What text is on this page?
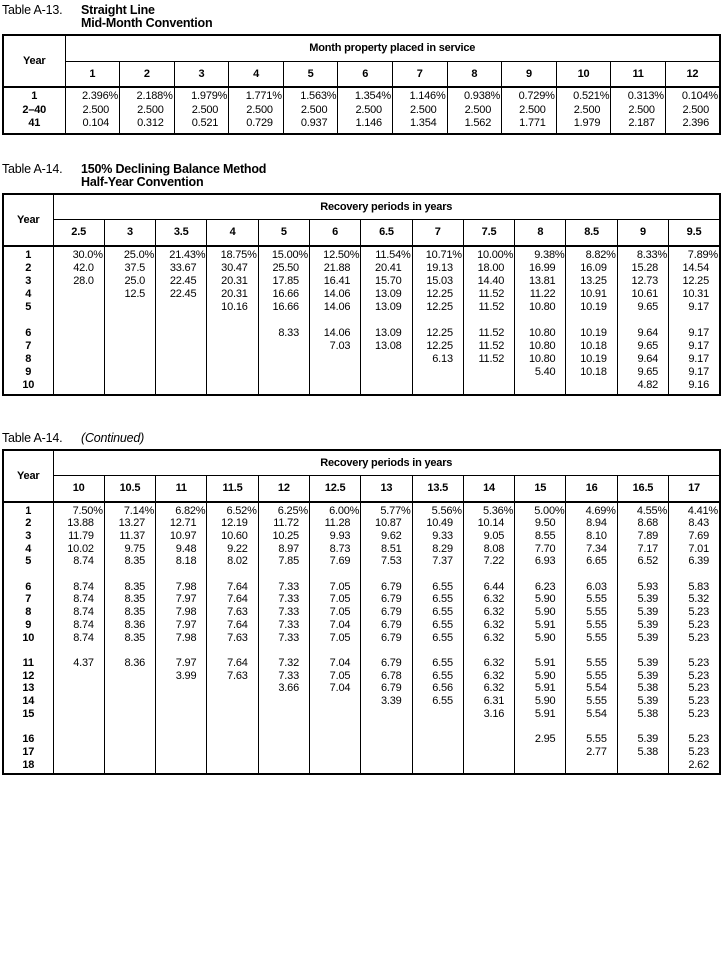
Table A-13.	Straight Line
Mid-Month Convention
Year	Month property placed in service											
	1	2	3	4	5	6	7	8	9	10	11	12

1	2.396%	2.188%	1.979%	1.771%	1.563%	1.354%	1.146%	0.938%	0.729%	0.521%	0.313%	0.104%
2–40	2.500	2.500	2.500	2.500	2.500	2.500	2.500	2.500	2.500	2.500	2.500	2.500
41	0.104	0.312	0.521	0.729	0.937	1.146	1.354	1.562	1.771	1.979	2.187	2.396

Table A-14.	150% Declining Balance Method
Half-Year Convention
Year	Recovery periods in years												
	2.5	3	3.5	4	5	6	6.5	7	7.5	8	8.5	9	9.5

1	30.0%	25.0%	21.43%	18.75%	15.00%	12.50%	11.54%	10.71%	10.00%	9.38%	8.82%	8.33%	7.89%
2	42.0	37.5	33.67	30.47	25.50	21.88	20.41	19.13	18.00	16.99	16.09	15.28	14.54
3	28.0	25.0	22.45	20.31	17.85	16.41	15.70	15.03	14.40	13.81	13.25	12.73	12.25
4		12.5	22.45	20.31	16.66	14.06	13.09	12.25	11.52	11.22	10.91	10.61	10.31
5				10.16	16.66	14.06	13.09	12.25	11.52	10.80	10.19	9.65	9.17

6					8.33	14.06	13.09	12.25	11.52	10.80	10.19	9.64	9.17
7						7.03	13.08	12.25	11.52	10.80	10.18	9.65	9.17
8								6.13	11.52	10.80	10.19	9.64	9.17
9										5.40	10.18	9.65	9.17
10												4.82	9.16

Table A-14.	(Continued)
Year	Recovery periods in years												
	10	10.5	11	11.5	12	12.5	13	13.5	14	15	16	16.5	17

1	7.50%	7.14%	6.82%	6.52%	6.25%	6.00%	5.77%	5.56%	5.36%	5.00%	4.69%	4.55%	4.41%
2	13.88	13.27	12.71	12.19	11.72	11.28	10.87	10.49	10.14	9.50	8.94	8.68	8.43
3	11.79	11.37	10.97	10.60	10.25	9.93	9.62	9.33	9.05	8.55	8.10	7.89	7.69
4	10.02	9.75	9.48	9.22	8.97	8.73	8.51	8.29	8.08	7.70	7.34	7.17	7.01
5	8.74	8.35	8.18	8.02	7.85	7.69	7.53	7.37	7.22	6.93	6.65	6.52	6.39

6	8.74	8.35	7.98	7.64	7.33	7.05	6.79	6.55	6.44	6.23	6.03	5.93	5.83
7	8.74	8.35	7.97	7.64	7.33	7.05	6.79	6.55	6.32	5.90	5.55	5.39	5.32
8	8.74	8.35	7.98	7.63	7.33	7.05	6.79	6.55	6.32	5.90	5.55	5.39	5.23
9	8.74	8.36	7.97	7.64	7.33	7.04	6.79	6.55	6.32	5.91	5.55	5.39	5.23
10	8.74	8.35	7.98	7.63	7.33	7.05	6.79	6.55	6.32	5.90	5.55	5.39	5.23

11	4.37	8.36	7.97	7.64	7.32	7.04	6.79	6.55	6.32	5.91	5.55	5.39	5.23
12			3.99	7.63	7.33	7.05	6.78	6.55	6.32	5.90	5.55	5.39	5.23
13					3.66	7.04	6.79	6.56	6.32	5.91	5.54	5.38	5.23
14							3.39	6.55	6.31	5.90	5.55	5.39	5.23
15									3.16	5.91	5.54	5.38	5.23

16										2.95	5.55	5.39	5.23
17											2.77	5.38	5.23
18													2.62
